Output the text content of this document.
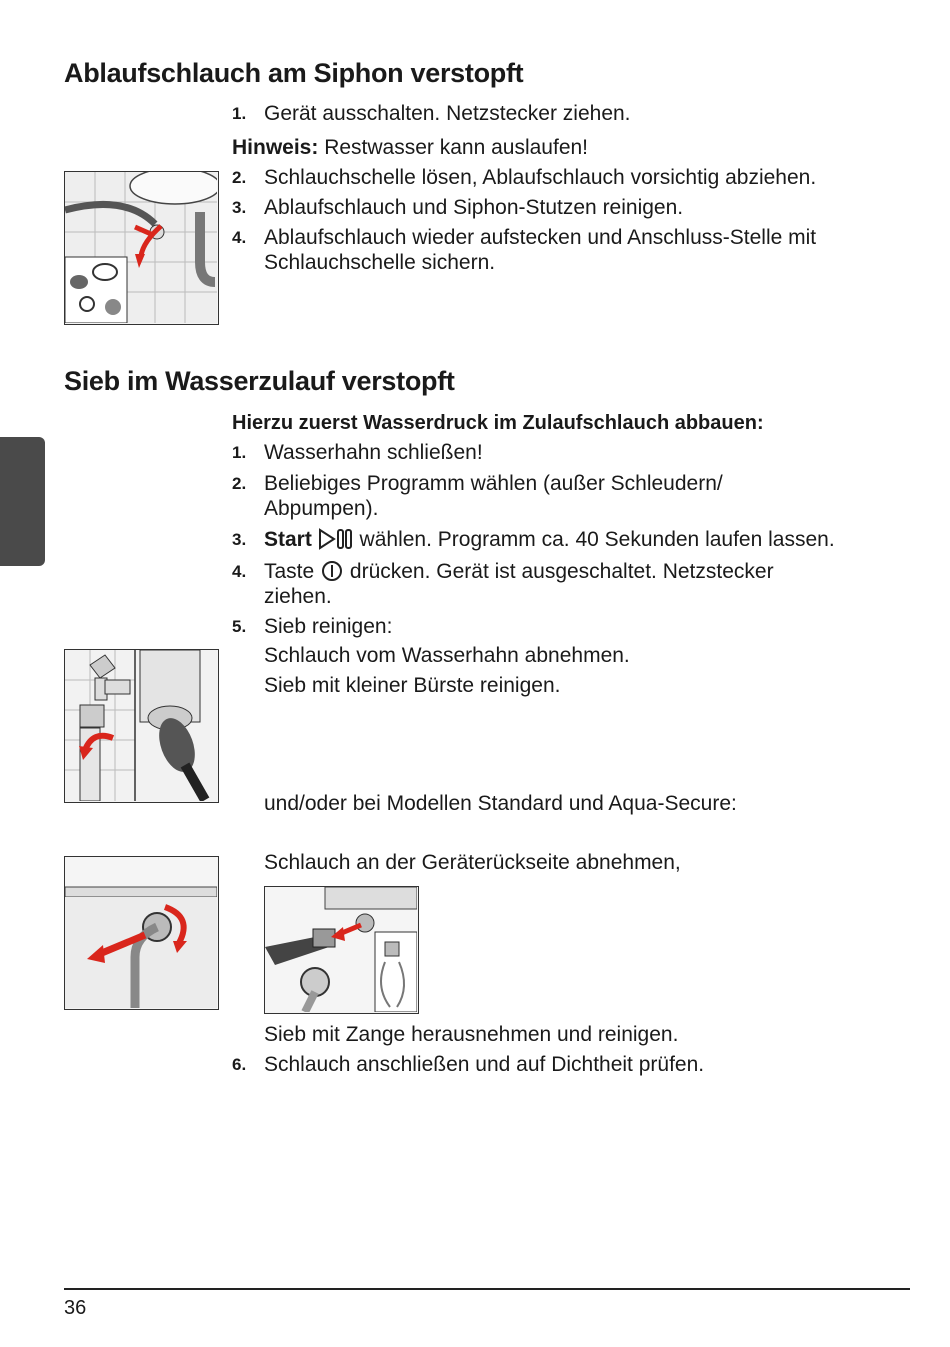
Ablaufschlauch am Siphon verstopft
1. Gerät ausschalten. Netzstecker ziehen.
Hinweis: Restwasser kann auslaufen!
2. Schlauchschelle lösen, Ablaufschlauch vorsichtig abziehen.
3. Ablaufschlauch und Siphon-Stutzen reinigen.
4. Ablaufschlauch wieder aufstecken und Anschluss-Stelle mit
Schlauchschelle sichern.
Sieb im Wasserzulauf verstopft
Hierzu zuerst Wasserdruck im Zulaufschlauch abbauen:
1. Wasserhahn schließen!
2. Beliebiges Programm wählen (außer Schleudern/
Abpumpen).
3. Start wählen. Programm ca. 40 Sekunden laufen lassen.
4. Taste drücken. Gerät ist ausgeschaltet. Netzstecker
ziehen.
5. Sieb reinigen:
Schlauch vom Wasserhahn abnehmen.
Sieb mit kleiner Bürste reinigen.
und/oder bei Modellen Standard und Aqua-Secure:
Schlauch an der Geräterückseite abnehmen,
Sieb mit Zange herausnehmen und reinigen.
6. Schlauch anschließen und auf Dichtheit prüfen.
36
